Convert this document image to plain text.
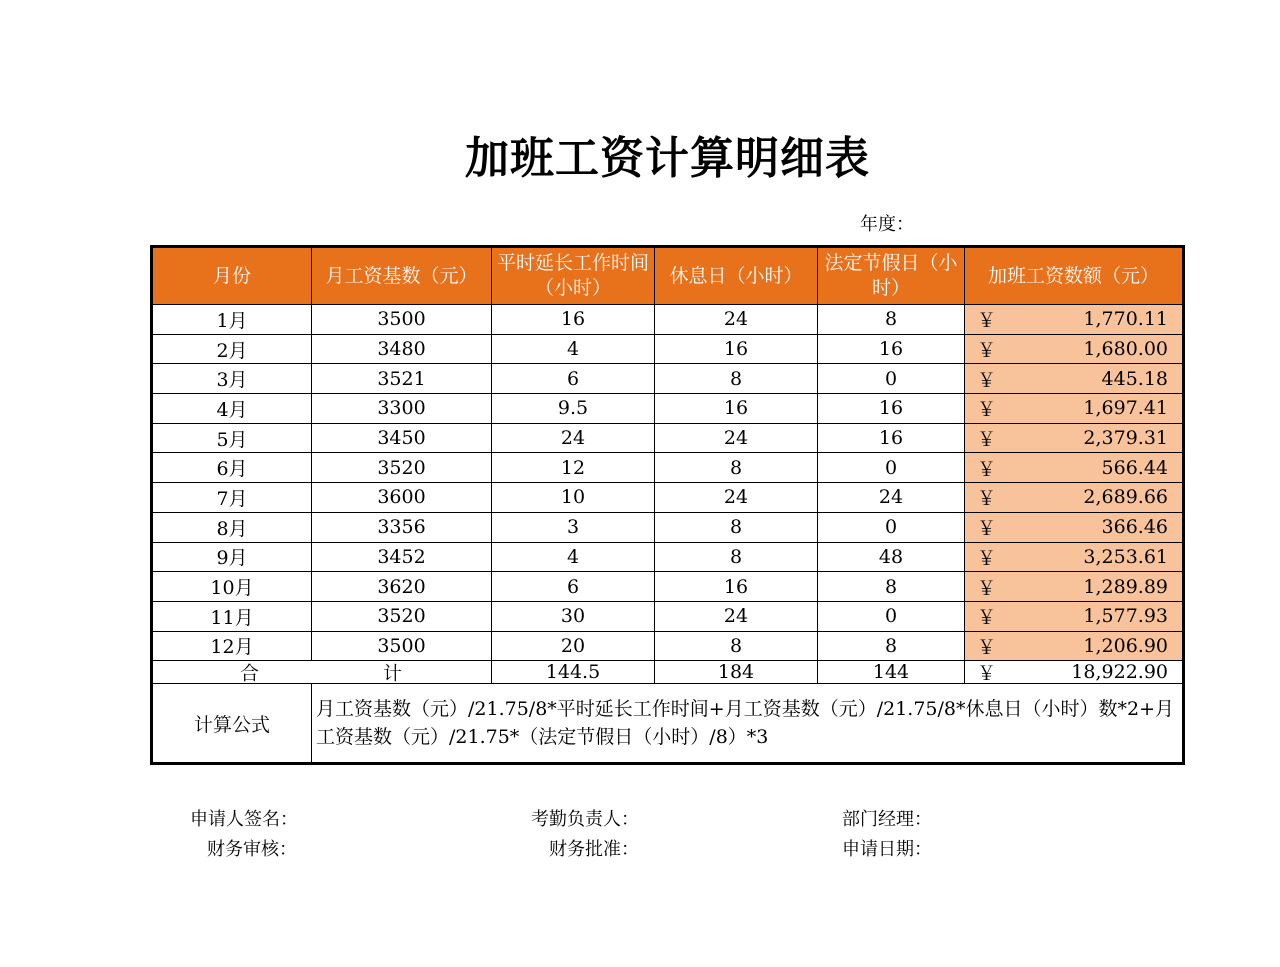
加班工资计算明细表
年度：
月份	月工资基数（元）	平时延长工作时间（小时）	休息日（小时）	法定节假日（小时）	加班工资数额（元）
1月	3500	16	24	8	￥ 1,770.11
2月	3480	4	16	16	￥ 1,680.00
3月	3521	6	8	0	￥ 445.18
4月	3300	9.5	16	16	￥ 1,697.41
5月	3450	24	24	16	￥ 2,379.31
6月	3520	12	8	0	￥ 566.44
7月	3600	10	24	24	￥ 2,689.66
8月	3356	3	8	0	￥ 366.46
9月	3452	4	8	48	￥ 3,253.61
10月	3620	6	16	8	￥ 1,289.89
11月	3520	30	24	0	￥ 1,577.93
12月	3500	20	8	8	￥ 1,206.90

合 计		144.5	184	144	￥ 18,922.90
计算公式	月工资基数（元）/21.75/8*平时延长工作时间+月工资基数（元）/21.75/8*休息日（小时）数*2+月工资基数（元）/21.75*（法定节假日（小时）/8）*3				
申请人签名：	考勤负责人：	部门经理：
财务审核：	财务批准：	申请日期：
